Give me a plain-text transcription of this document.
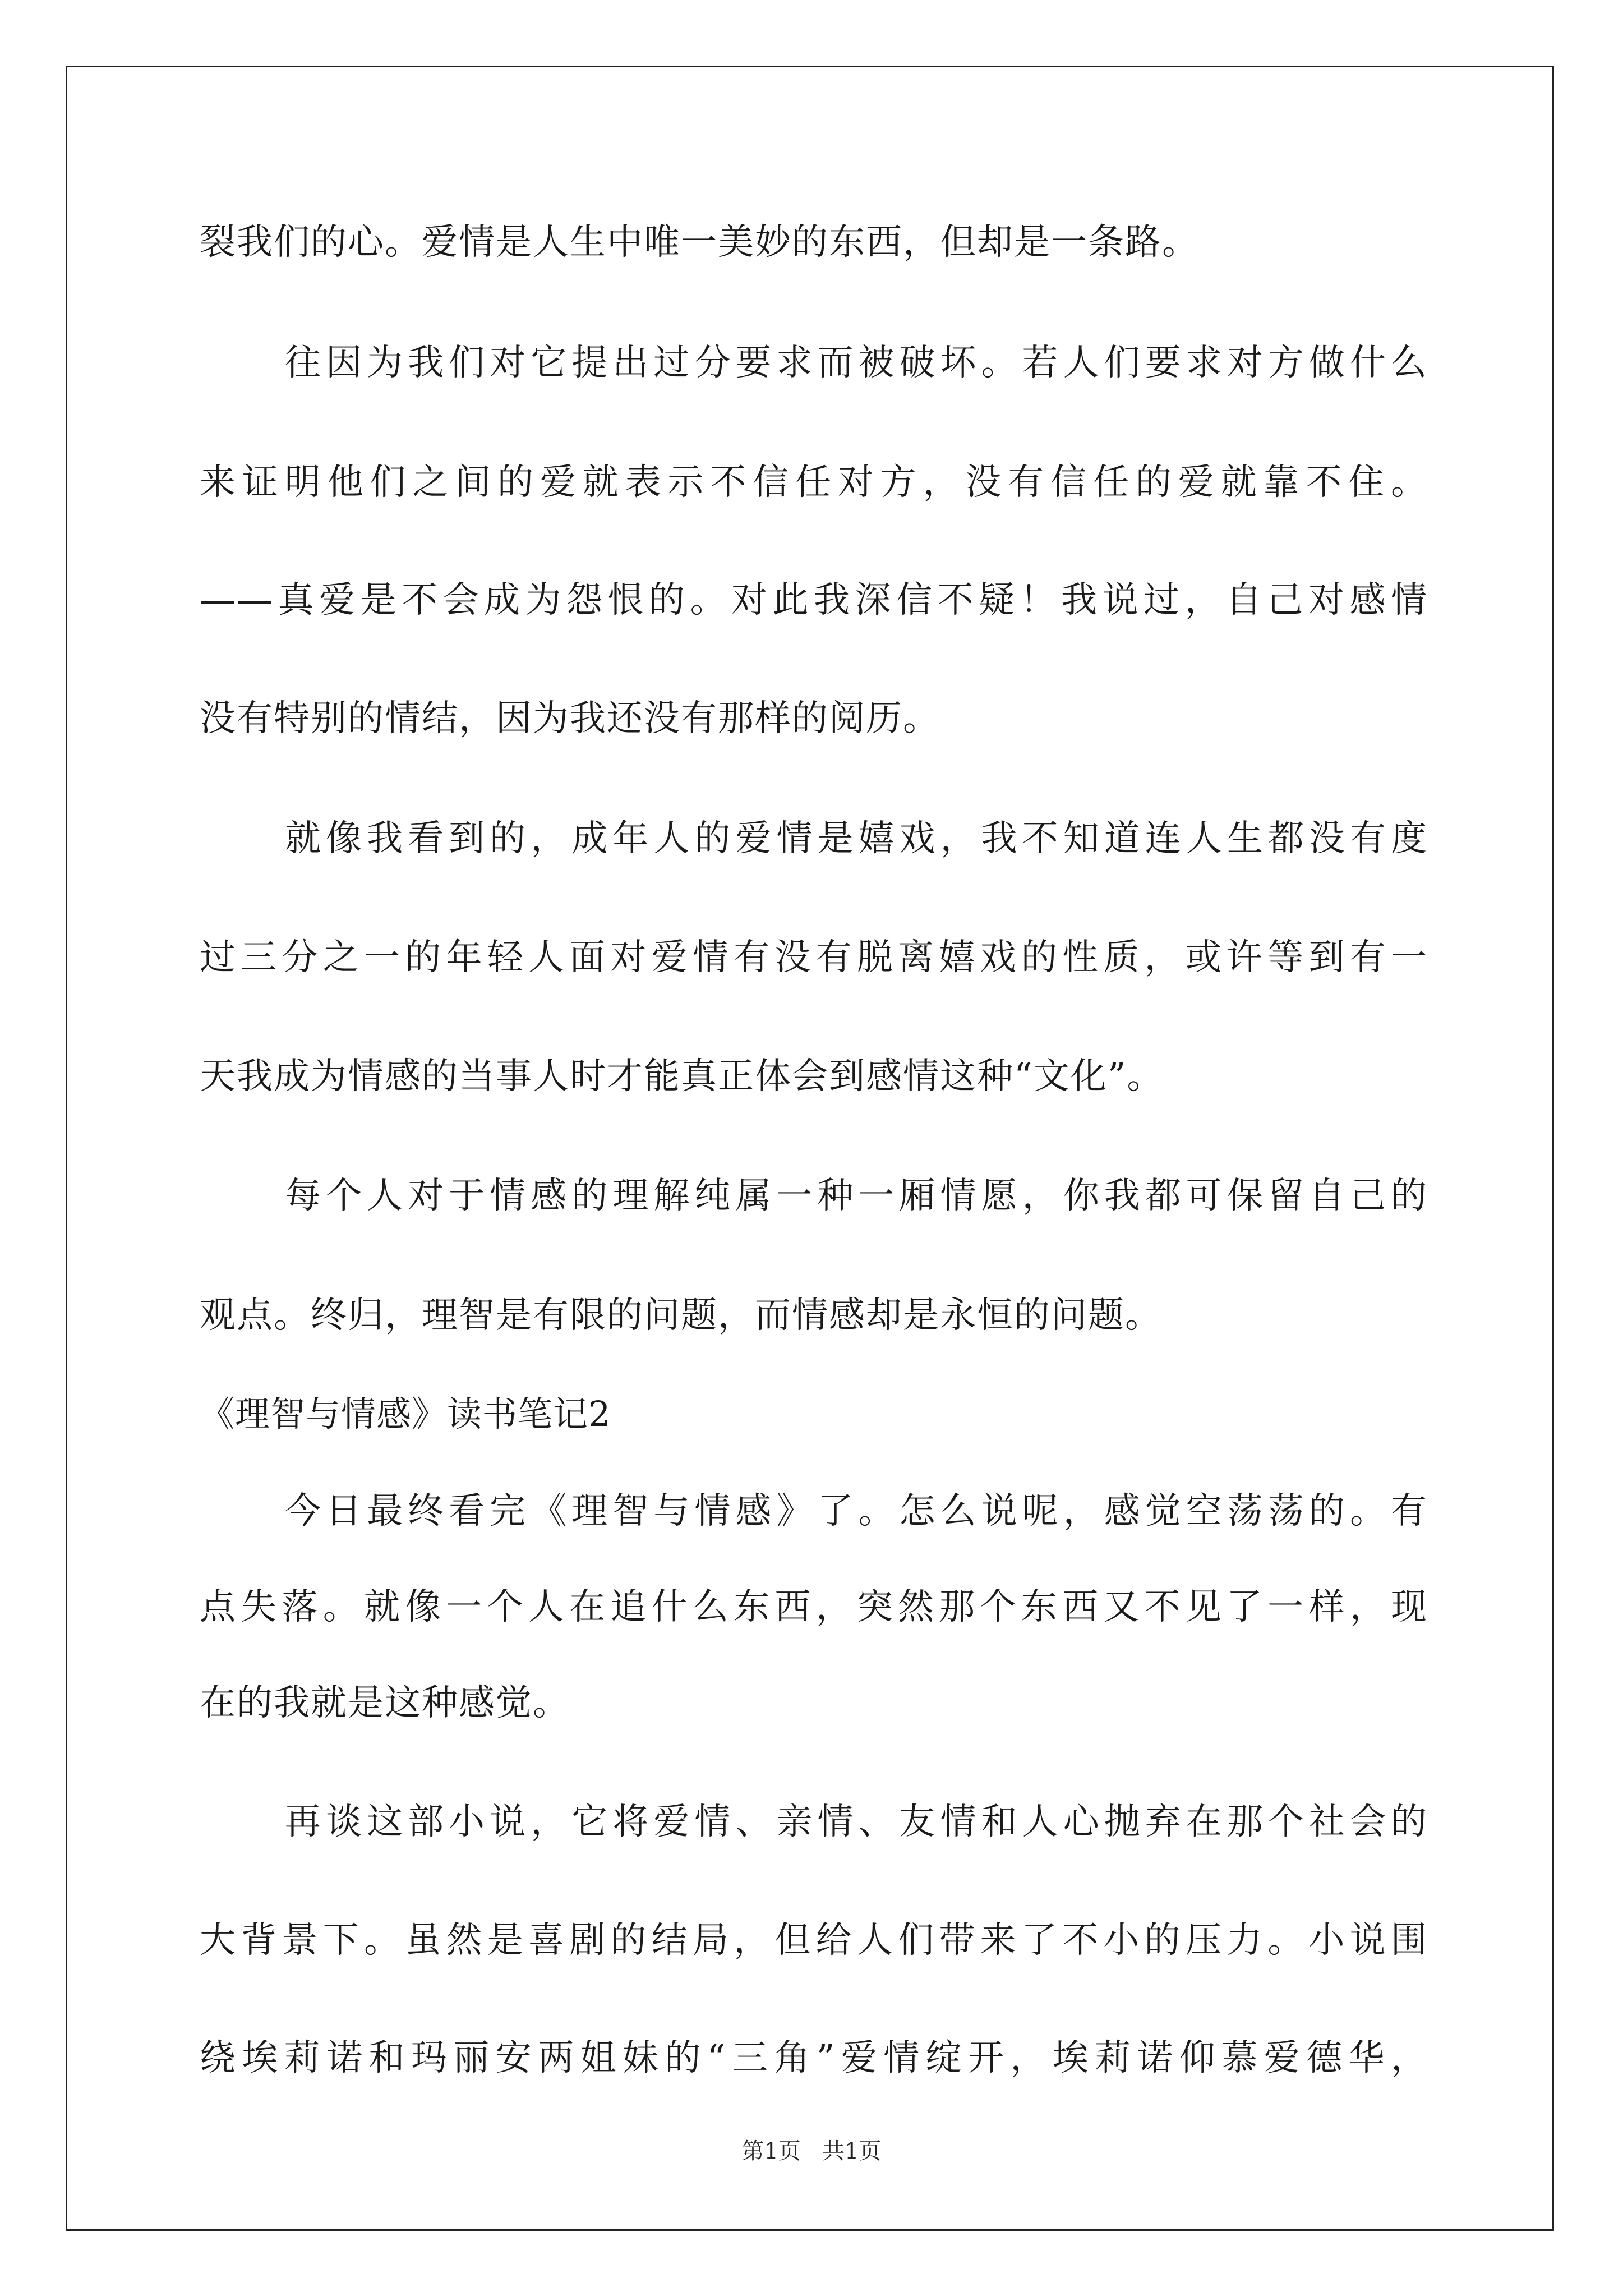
裂我们的心。爱情是人生中唯一美妙的东西，但却是一条路。
往因为我们对它提出过分要求而被破坏。若人们要求对方做什么
来证明他们之间的爱就表示不信任对方，没有信任的爱就靠不住。
——真爱是不会成为怨恨的。对此我深信不疑！我说过，自己对感情
没有特别的情结，因为我还没有那样的阅历。
就像我看到的，成年人的爱情是嬉戏，我不知道连人生都没有度
过三分之一的年轻人面对爱情有没有脱离嬉戏的性质，或许等到有一
天我成为情感的当事人时才能真正体会到感情这种“文化”。
每个人对于情感的理解纯属一种一厢情愿，你我都可保留自己的
观点。终归，理智是有限的问题，而情感却是永恒的问题。
《理智与情感》读书笔记2
今日最终看完《理智与情感》了。怎么说呢，感觉空荡荡的。有
点失落。就像一个人在追什么东西，突然那个东西又不见了一样，现
在的我就是这种感觉。
再谈这部小说，它将爱情、亲情、友情和人心抛弃在那个社会的
大背景下。虽然是喜剧的结局，但给人们带来了不小的压力。小说围
绕埃莉诺和玛丽安两姐妹的“三角”爱情绽开，埃莉诺仰慕爱德华，
第1页   共1页
